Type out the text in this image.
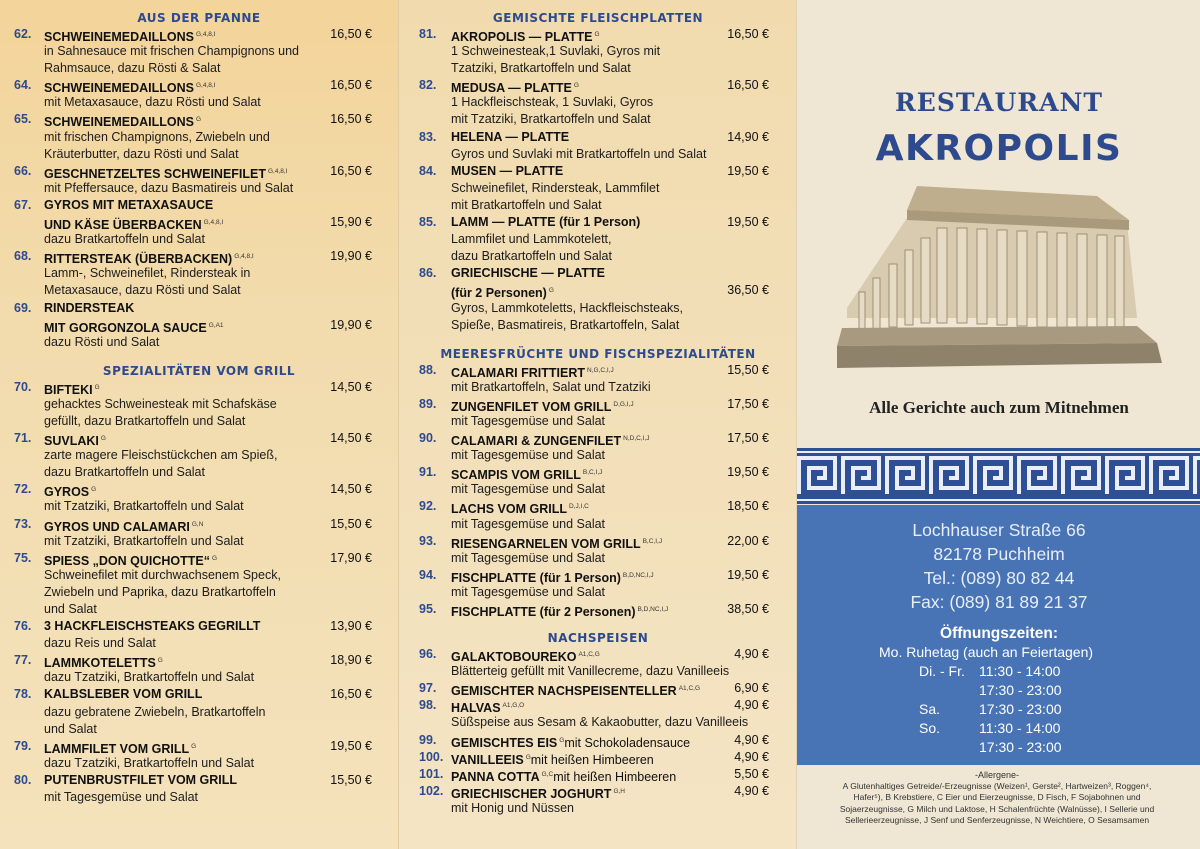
AUS DER PFANNE
62.	SCHWEINEMEDAILLONS $^{G,4,8,I}$	16,50 €
in Sahnesauce mit frischen Champignons und
Rahmsauce, dazu Rösti & Salat
64.	SCHWEINEMEDAILLONS $^{G,4,8,I}$	16,50 €
mit Metaxasauce, dazu Rösti und Salat
65.	SCHWEINEMEDAILLONS $^G$	16,50 €
mit frischen Champignons, Zwiebeln und
Kräuterbutter, dazu Rösti und Salat
66.	GESCHNETZELTES SCHWEINEFILET $^{G,4,8,I}$	16,50 €
mit Pfeffersauce, dazu Basmatireis und Salat
67.	GYROS MIT METAXASAUCE
UND KÄSE ÜBERBACKEN $^{G,4,8,I}$	15,90 €
dazu Bratkartoffeln und Salat
68.	RITTERSTEAK (ÜBERBACKEN) $^{G,4,8,I}$	19,90 €
Lamm-, Schweinefilet, Rindersteak in
Metaxasauce, dazu Rösti und Salat
69.	RINDERSTEAK
MIT GORGONZOLA SAUCE $^{G,A1}$	19,90 €
dazu Rösti und Salat
SPEZIALITÄTEN VOM GRILL
70.	BIFTEKI $^G$	14,50 €
gehacktes Schweinesteak mit Schafskäse
gefüllt, dazu Bratkartoffeln und Salat
71.	SUVLAKI $^G$	14,50 €
zarte magere Fleischstückchen am Spieß,
dazu Bratkartoffeln und Salat
72.	GYROS $^G$	14,50 €
mit Tzatziki, Bratkartoffeln und Salat
73.	GYROS UND CALAMARI $^{G,N}$	15,50 €
mit Tzatziki, Bratkartoffeln und Salat
75.	SPIESS „DON QUICHOTTE“ $^G$	17,90 €
Schweinefilet mit durchwachsenem Speck,
Zwiebeln und Paprika, dazu Bratkartoffeln
und Salat
76.	3 HACKFLEISCHSTEAKS GEGRILLT	13,90 €
dazu Reis und Salat
77.	LAMMKOTELETTS $^G$	18,90 €
dazu Tzatziki, Bratkartoffeln und Salat
78.	KALBSLEBER VOM GRILL	16,50 €
dazu gebratene Zwiebeln, Bratkartoffeln
und Salat
79.	LAMMFILET VOM GRILL $^G$	19,50 €
dazu Tzatziki, Bratkartoffeln und Salat
80.	PUTENBRUSTFILET VOM GRILL	15,50 €
mit Tagesgemüse und Salat
GEMISCHTE FLEISCHPLATTEN
81.	AKROPOLIS — PLATTE $^G$	16,50 €
1 Schweinesteak,1 Suvlaki, Gyros mit
Tzatziki, Bratkartoffeln und Salat
82.	MEDUSA — PLATTE $^G$	16,50 €
1 Hackfleischsteak, 1 Suvlaki, Gyros
mit Tzatziki, Bratkartoffeln und Salat
83.	HELENA — PLATTE	14,90 €
Gyros und Suvlaki mit Bratkartoffeln und Salat
84.	MUSEN — PLATTE	19,50 €
Schweinefilet, Rindersteak, Lammfilet
mit Bratkartoffeln und Salat
85.	LAMM — PLATTE (für 1 Person)	19,50 €
Lammfilet und Lammkotelett,
dazu Bratkartoffeln und Salat
86.	GRIECHISCHE — PLATTE
(für 2 Personen) $^G$	36,50 €
Gyros, Lammkoteletts, Hackfleischsteaks,
Spieße, Basmatireis, Bratkartoffeln, Salat
MEERESFRÜCHTE UND FISCHSPEZIALITÄTEN
88.	CALAMARI FRITTIERT $^{N,G,C,I,J}$	15,50 €
mit Bratkartoffeln, Salat und Tzatziki
89.	ZUNGENFILET VOM GRILL $^{D,G,I,J}$	17,50 €
mit Tagesgemüse und Salat
90.	CALAMARI & ZUNGENFILET $^{N,D,C,I,J}$	17,50 €
mit Tagesgemüse und Salat
91.	SCAMPIS VOM GRILL $^{B,C,I,J}$	19,50 €
mit Tagesgemüse und Salat
92.	LACHS VOM GRILL $^{D,J,I,C}$	18,50 €
mit Tagesgemüse und Salat
93.	RIESENGARNELEN VOM GRILL $^{B,C,I,J}$	22,00 €
mit Tagesgemüse und Salat
94.	FISCHPLATTE (für 1 Person) $^{B,D,NC,I,J}$	19,50 €
mit Tagesgemüse und Salat
95.	FISCHPLATTE (für 2 Personen) $^{B,D,NC,I,J}$	38,50 €
NACHSPEISEN
96.	GALAKTOBOUREKO $^{A1,C,G}$	4,90 €
Blätterteig gefüllt mit Vanillecreme, dazu Vanilleeis
97.	GEMISCHTER NACHSPEISENTELLER $^{A1,C,G}$	6,90 €
98.	HALVAS $^{A1,G,O}$	4,90 €
Süßspeise aus Sesam & Kakaobutter, dazu Vanilleeis
99.	GEMISCHTES EIS $^G$mit Schokoladensauce	4,90 €
100. VANILLEEIS $^G$mit heißen Himbeeren	4,90 €
101. PANNA COTTA $^{G,C}$mit heißen Himbeeren	5,50 €
102. GRIECHISCHER JOGHURT $^{G,H}$	4,90 €
mit Honig und Nüssen
RESTAURANT
AKROPOLIS
Alle Gerichte auch zum Mitnehmen
Lochhauser Straße 66
82178 Puchheim
Tel.: (089) 80 82 44
Fax: (089) 81 89 21 37
Öffnungszeiten:
Mo. Ruhetag (auch an Feiertagen)
Di. - Fr. 11:30 - 14:00
17:30 - 23:00
Sa.	17:30 - 23:00
So.	11:30 - 14:00
17:30 - 23:00
-Allergene-
A Glutenhaltiges Getreide/-Erzeugnisse (Weizen¹, Gerste², Hartweizen³, Roggen⁴, Hafer⁵), B Krebstiere, C Eier und Eierzeugnisse, D Fisch, F Sojabohnen und Sojaerzeugnisse, G Milch und Laktose, H Schalenfrüchte (Walnüsse), I Sellerie und Sellerieerzeugnisse, J Senf und Senferzeugnisse, N Weichtiere, O Sesamsamen
